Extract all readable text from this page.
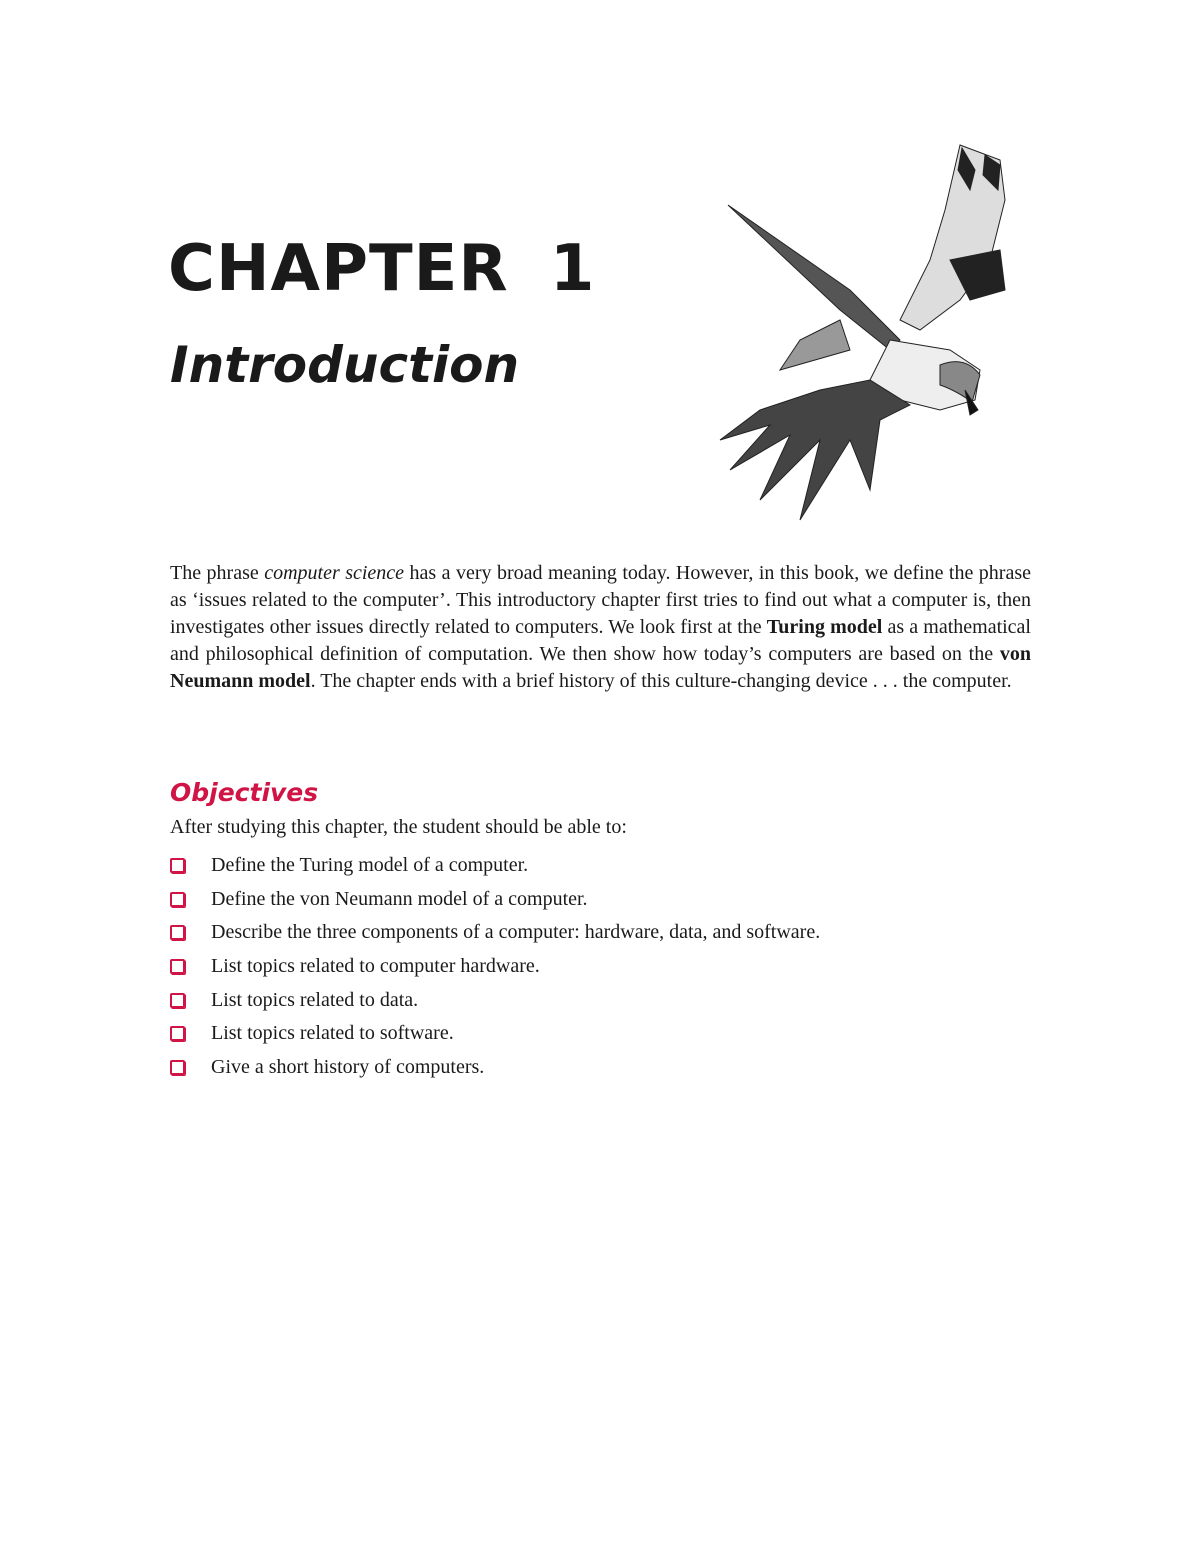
CHAPTER 1
Introduction
The phrase computer science has a very broad meaning today. However, in this book, we define the phrase as ‘issues related to the computer’. This introductory chapter first tries to find out what a computer is, then investigates other issues directly related to computers. We look first at the Turing model as a mathematical and philosophical definition of computation. We then show how today’s computers are based on the von Neumann model. The chapter ends with a brief history of this culture-changing device . . . the computer.
Objectives
After studying this chapter, the student should be able to:
Define the Turing model of a computer.
Define the von Neumann model of a computer.
Describe the three components of a computer: hardware, data, and software.
List topics related to computer hardware.
List topics related to data.
List topics related to software.
Give a short history of computers.
